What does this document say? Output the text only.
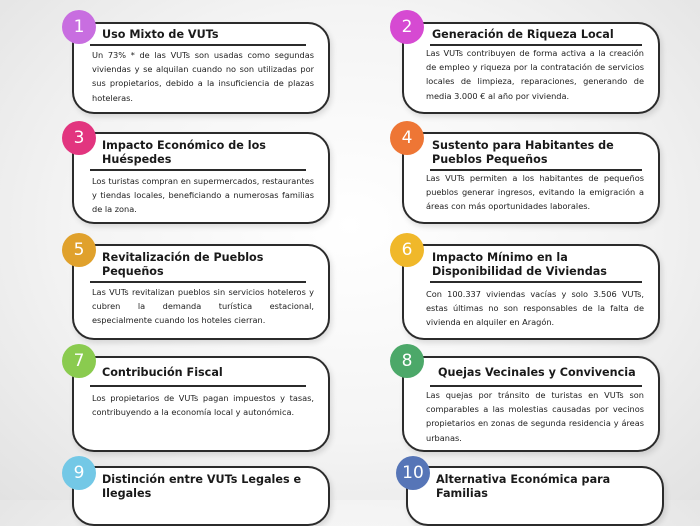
1	Uso Mixto de VUTs
Un 73% * de las VUTs son usadas como segundas viviendas y se alquilan cuando no son utilizadas por sus propietarios, debido a la insuficiencia de plazas hoteleras.
2	Generación de Riqueza Local
Las VUTs contribuyen de forma activa a la creación de empleo y riqueza por la contratación de servicios locales de limpieza, reparaciones, generando de media 3.000 € al año por vivienda.
3	Impacto Económico de los Huéspedes
Los turistas compran en supermercados, restaurantes y tiendas locales, beneficiando a numerosas familias de la zona.
4	Sustento para Habitantes de Pueblos Pequeños
Las VUTs permiten a los habitantes de pequeños pueblos generar ingresos, evitando la emigración a áreas con más oportunidades laborales.
5	Revitalización de Pueblos Pequeños
Las VUTs revitalizan pueblos sin servicios hoteleros y cubren la demanda turística estacional, especialmente cuando los hoteles cierran.
6	Impacto Mínimo en la Disponibilidad de Viviendas
Con 100.337 viviendas vacías y solo 3.506 VUTs, estas últimas no son responsables de la falta de vivienda en alquiler en Aragón.
7
Contribución Fiscal
Los propietarios de VUTs pagan impuestos y tasas, contribuyendo a la economía local y autonómica.
8
Quejas Vecinales y Convivencia
Las quejas por tránsito de turistas en VUTs son comparables a las molestias causadas por vecinos propietarios en zonas de segunda residencia y áreas urbanas.
9	Distinción entre VUTs Legales e Ilegales
10	Alternativa Económica para Familias
